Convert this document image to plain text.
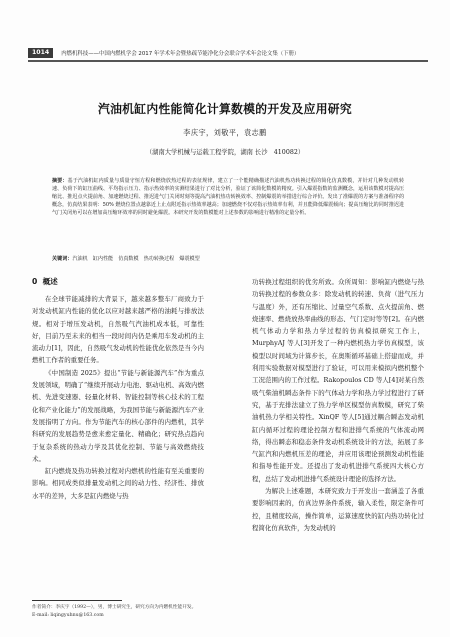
1014	内燃机科技——中国内燃机学会 2017 年学术年会暨热疏节能净化分会联合学术年会论文集（下册）
汽油机缸内性能简化计算数模的开发及应用研究
李庆宇，刘敬平，袁志鹏
（湖南大学机械与运载工程学院，湖南 长沙　410082）
摘要：基于汽油机缸内质量与质量守恒方程和燃烧放热过程的表征规律，建立了一个能精确描述汽油机热功转换过程的简化仿真数模，并针对几种发动机转速、负荷下的缸压曲线、平均指示压力、指示热效率的实测结果进行了对比分析，验证了该简化数模的精度。引入爆震指数的监测概念，运用该数模对提高压缩比、推迟点火提前角、加速燃烧过程、推迟进气门关闭时刻等提高汽油机热功转换效率、控制爆震的举措进行综合评价。发出了准爆震的方案与准备程序的概念，仿真结果表明：50% 燃烧位置点越靠近上止点附近指示热效率越高；加速燃烧不仅对指示热效率有利，并且能降低爆震倾向；提高压缩比的同时推迟进气门关闭角可以在增加高压缩环效率的同时避免爆震。本研究开发的数模能对上述参数的影响进行精准的定量分析。
关键词：汽油机　缸内性能　仿真数模　热功转换过程　爆震模型
0 概述

在全球节能减排的大背景下，越来越多整车厂商致力于对发动机缸内性能的优化以应对越来越严格的油耗与排放法规。相对于增压发动机，自然吸气汽油机成本低，可靠性好，目前乃至未来的相当一段时间内仍是乘用车发动机的主流动力[1]，因此，自然吸气发动机的性能优化依然是当今内燃机工作者的重要任务。

《中国制造 2025》提出“节能与新能源汽车”作为重点发展领域，明确了“继续开展动力电池、驱动电机、高效内燃机、先进变速器、轻量化材料、智能控制等核心技术的工程化和产业化能力”的发展战略，为我国节能与新能源汽车产业发展指明了方向。作为节能汽车的核心部件的内燃机，其学科研究的发展趋势是愈来愈定量化、精确化；研究热点趋向于复杂系统的热动力学及其优化控制、节能与高效燃烧技术。

缸内燃烧及热功转换过程对内燃机的性能有至关重要的影响。相同成类似排量发动机之间的动力性、经济性、排放水平的差异，大多是缸内燃烧与热

功转换过程组织的优劣所致。众所周知：影响缸内燃烧与热功转换过程的参数众多：除发动机的转速、负荷（进气压力与温度）外，还有压缩比、过量空气系数、点火提前角、燃烧速率、燃烧放热率曲线的形态、气门定时等等[2]。在内燃机气体动力学和热力学过程的仿真模拟研究工作上，MurphyAJ 等人[3]开发了一种内燃机热力学仿真模型，该模型以时间域为计算步长，在奥斯循环基础上搭建而成，并利用实验数据对模型进行了验证，可以用来模拟内燃机整个工况范围内的工作过程。Rakopoulos CD 等人[4]对某自然吸气柴油机瞬态条件下的气体动力学和热力学过程进行了研究，基于充排法建立了热力学单区模型仿真数模，研究了柴油机热力学相关特性。XinQF 等人[5]通过耦合瞬态发动机缸内循环过程的理论控制方程和进排气系统的气体流动网络，得出瞬态和稳态条件发动机系统设计的方法，拓展了多气缸汽和内燃机压差的理论，并应用该理论预测发动机性能和指导性能开发。还提出了发动机进排气系统四大核心方程，总结了发动机进排气系统设计理论的选择方法。

为解决上述难题，本研究致力于开发出一套涵盖了各重要影响因素的，仿真边界条件系统，输入柔性，限定条件可控，且精度较高，操作简单，运算速度快的缸内热功转化过程简化仿真软件，为发动机的

作者简介：李庆宇（1992—），男，博士研究生，研究方向为内燃机性能开发。
E-mail: liqingyuhnu@163.com
